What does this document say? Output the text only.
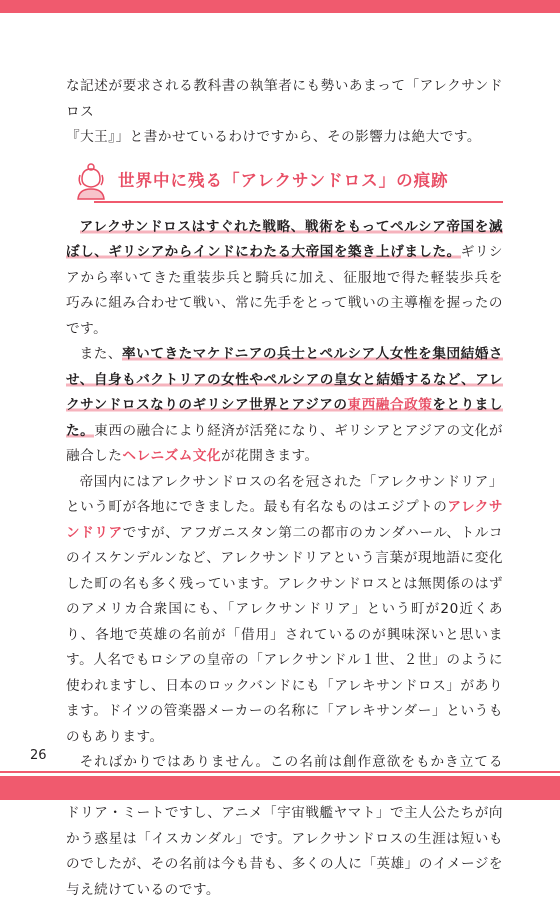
な記述が要求される教科書の執筆者にも勢いあまって「アレクサンドロス
『大王』」と書かせているわけですから、その影響力は絶大です。

世界中に残る「アレクサンドロス」の痕跡

アレクサンドロスはすぐれた戦略、戦術をもってペルシア帝国を滅ぼし、ギリシアからインドにわたる大帝国を築き上げました。ギリシアから率いてきた重装歩兵と騎兵に加え、征服地で得た軽装歩兵を巧みに組み合わせて戦い、常に先手をとって戦いの主導権を握ったのです。

また、率いてきたマケドニアの兵士とペルシア人女性を集団結婚させ、自身もバクトリアの女性やペルシアの皇女と結婚するなど、アレクサンドロスなりのギリシア世界とアジアの東西融合政策をとりました。東西の融合により経済が活発になり、ギリシアとアジアの文化が融合したヘレニズム文化が花開きます。

帝国内にはアレクサンドロスの名を冠された「アレクサンドリア」という町が各地にできました。最も有名なものはエジプトのアレクサンドリアですが、アフガニスタン第二の都市のカンダハール、トルコのイスケンデルンなど、アレクサンドリアという言葉が現地語に変化した町の名も多く残っています。アレクサンドロスとは無関係のはずのアメリカ合衆国にも、「アレクサンドリア」という町が20近くあり、各地で英雄の名前が「借用」されているのが興味深いと思います。人名でもロシアの皇帝の「アレクサンドル１世、２世」のように使われますし、日本のロックバンドにも「アレキサンドロス」があります。ドイツの管楽器メーカーの名称に「アレキサンダー」というものもあります。

そればかりではありません。この名前は創作意欲をもかき立てる ドリア・ミートですし、アニメ「宇宙戦艦ヤマト」で主人公たちが向かう惑星は「イスカンダル」です。アレクサンドロスの生涯は短いものでしたが、その名前は今も昔も、多くの人に「英雄」のイメージを与え続けているのです。

26
